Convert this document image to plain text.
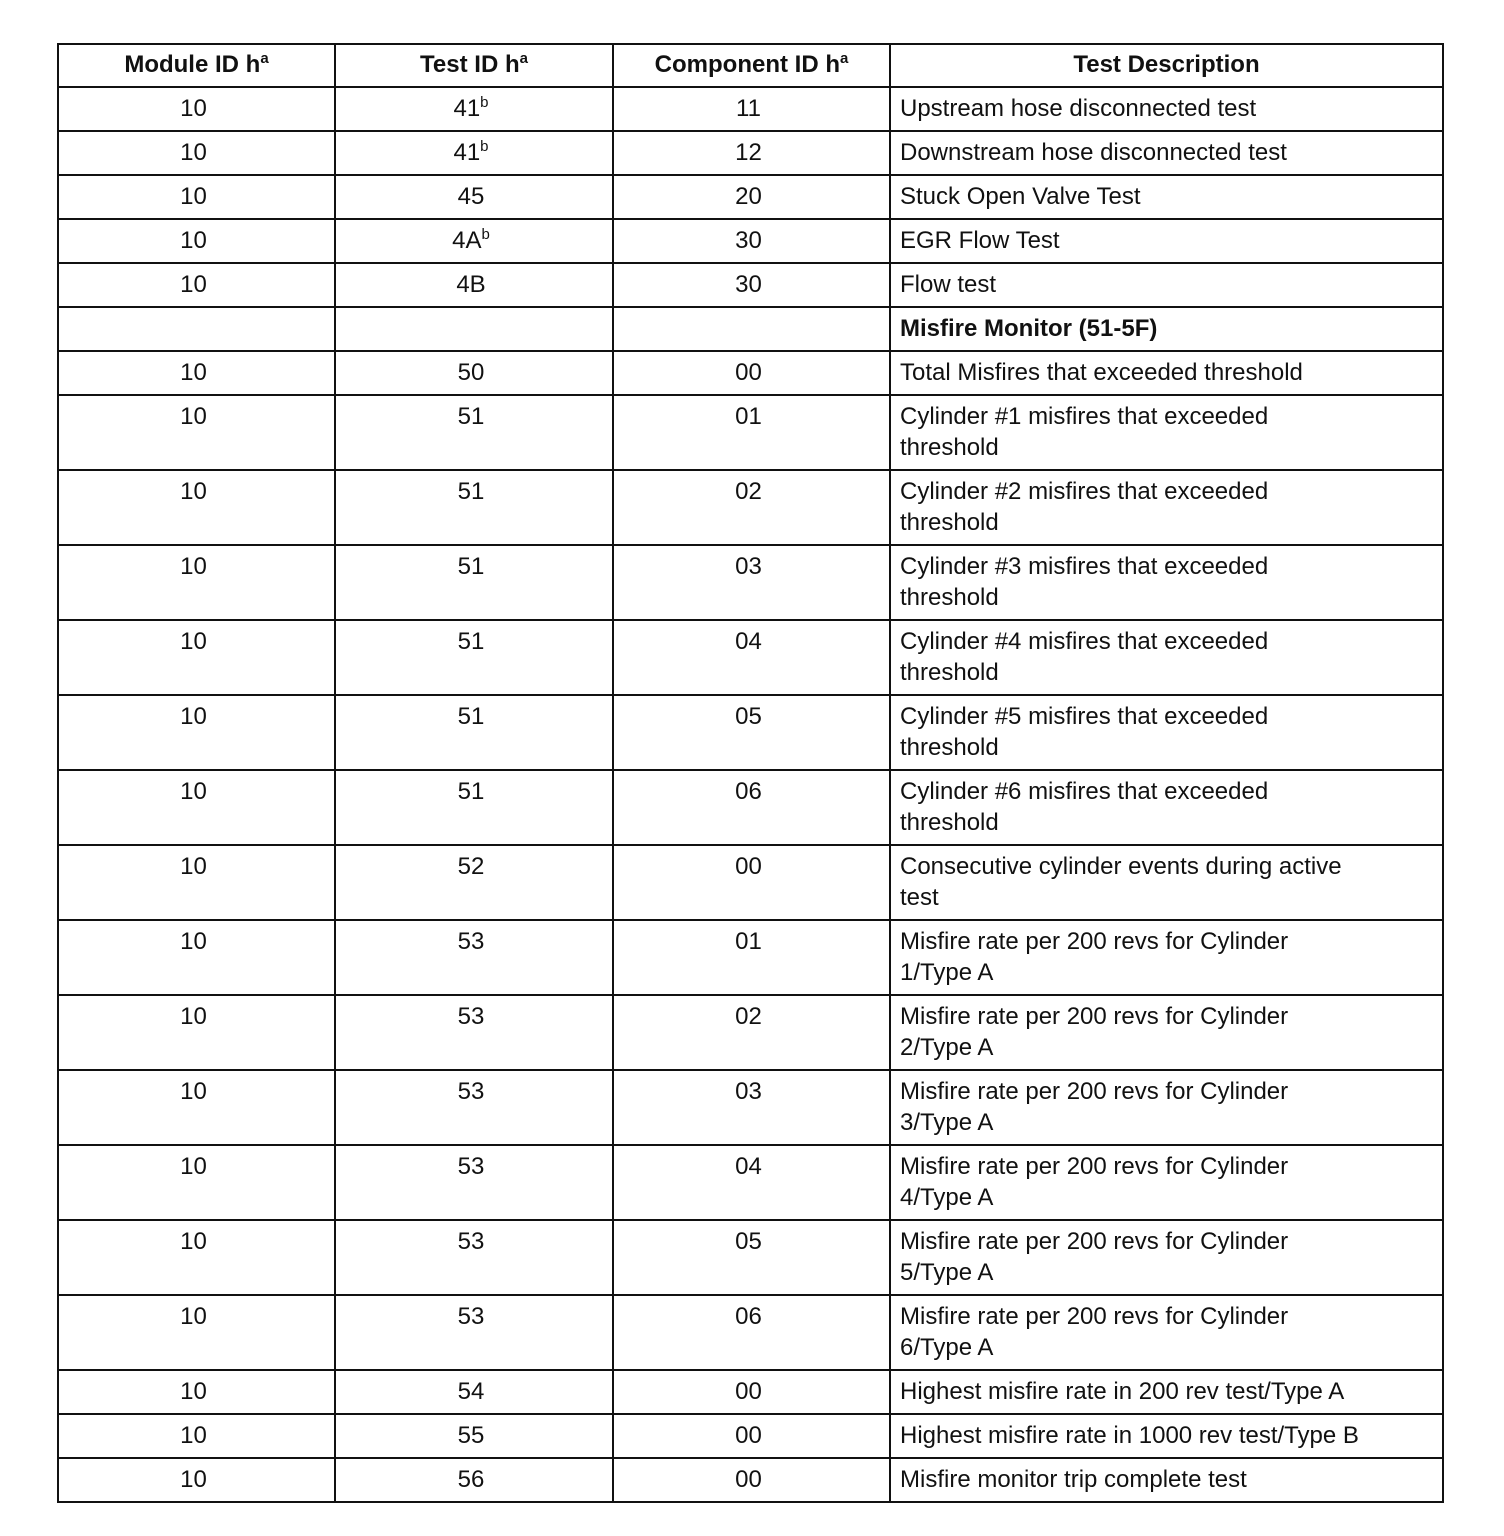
Module ID $h^a$	Test ID $h^a$	Component ID $h^a$	Test Description
10	41$^b$	11	Upstream hose disconnected test
10	41$^b$	12	Downstream hose disconnected test
10	45	20	Stuck Open Valve Test
10	$4A^b$	30	EGR Flow Test
10	4B	30	Flow test
			Misfire Monitor (51-5F)
10	50	00	Total Misfires that exceeded threshold
10	51	01	Cylinder #1 misfires that exceeded
threshold
10	51	02	Cylinder #2 misfires that exceeded
threshold
10	51	03	Cylinder #3 misfires that exceeded
threshold
10	51	04	Cylinder #4 misfires that exceeded
threshold
10	51	05	Cylinder #5 misfires that exceeded
threshold
10	51	06	Cylinder #6 misfires that exceeded
threshold
10	52	00	Consecutive cylinder events during active
test
10	53	01	Misfire rate per 200 revs for Cylinder
1/Type A
10	53	02	Misfire rate per 200 revs for Cylinder
2/Type A
10	53	03	Misfire rate per 200 revs for Cylinder
3/Type A
10	53	04	Misfire rate per 200 revs for Cylinder
4/Type A
10	53	05	Misfire rate per 200 revs for Cylinder
5/Type A
10	53	06	Misfire rate per 200 revs for Cylinder
6/Type A
10	54	00	Highest misfire rate in 200 rev test/Type A
10	55	00	Highest misfire rate in 1000 rev test/Type B
10	56	00	Misfire monitor trip complete test
